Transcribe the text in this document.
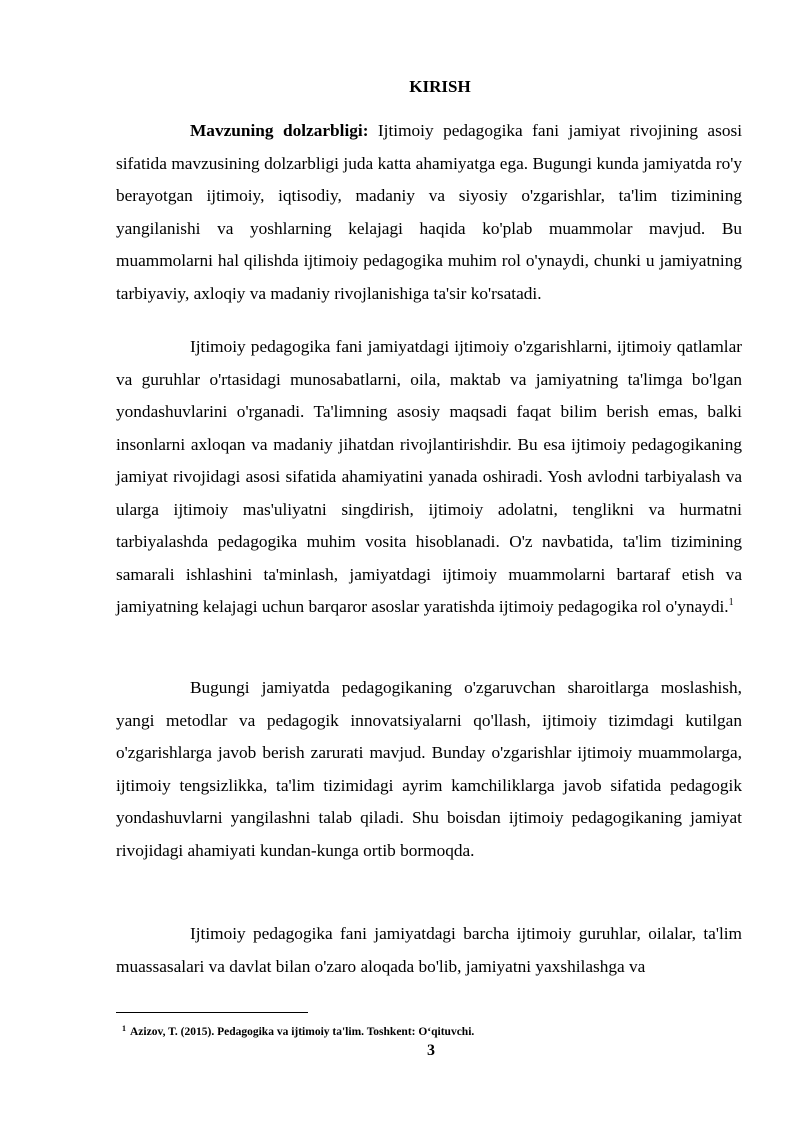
KIRISH

Mavzuning dolzarbligi: Ijtimoiy pedagogika fani jamiyat rivojining asosi sifatida mavzusining dolzarbligi juda katta ahamiyatga ega. Bugungi kunda jamiyatda ro'y berayotgan ijtimoiy, iqtisodiy, madaniy va siyosiy o'zgarishlar, ta'lim tizimining yangilanishi va yoshlarning kelajagi haqida ko'plab muammolar mavjud. Bu muammolarni hal qilishda ijtimoiy pedagogika muhim rol o'ynaydi, chunki u jamiyatning tarbiyaviy, axloqiy va madaniy rivojlanishiga ta'sir ko'rsatadi.

Ijtimoiy pedagogika fani jamiyatdagi ijtimoiy o'zgarishlarni, ijtimoiy qatlamlar va guruhlar o'rtasidagi munosabatlarni, oila, maktab va jamiyatning ta'limga bo'lgan yondashuvlarini o'rganadi. Ta'limning asosiy maqsadi faqat bilim berish emas, balki insonlarni axloqan va madaniy jihatdan rivojlantirishdir. Bu esa ijtimoiy pedagogikaning jamiyat rivojidagi asosi sifatida ahamiyatini yanada oshiradi. Yosh avlodni tarbiyalash va ularga ijtimoiy mas'uliyatni singdirish, ijtimoiy adolatni, tenglikni va hurmatni tarbiyalashda pedagogika muhim vosita hisoblanadi. O'z navbatida, ta'lim tizimining samarali ishlashini ta'minlash, jamiyatdagi ijtimoiy muammolarni bartaraf etish va jamiyatning kelajagi uchun barqaror asoslar yaratishda ijtimoiy pedagogika rol o'ynaydi.$^1$

Bugungi jamiyatda pedagogikaning o'zgaruvchan sharoitlarga moslashish, yangi metodlar va pedagogik innovatsiyalarni qo'llash, ijtimoiy tizimdagi kutilgan o'zgarishlarga javob berish zarurati mavjud. Bunday o'zgarishlar ijtimoiy muammolarga, ijtimoiy tengsizlikka, ta'lim tizimidagi ayrim kamchiliklarga javob sifatida pedagogik yondashuvlarni yangilashni talab qiladi. Shu boisdan ijtimoiy pedagogikaning jamiyat rivojidagi ahamiyati kundan-kunga ortib bormoqda.

Ijtimoiy pedagogika fani jamiyatdagi barcha ijtimoiy guruhlar, oilalar, ta'lim muassasalari va davlat bilan o'zaro aloqada bo'lib, jamiyatni yaxshilashga va

$^1$ Azizov, T. (2015). Pedagogika va ijtimoiy ta'lim. Toshkent: O‘qituvchi.
3
